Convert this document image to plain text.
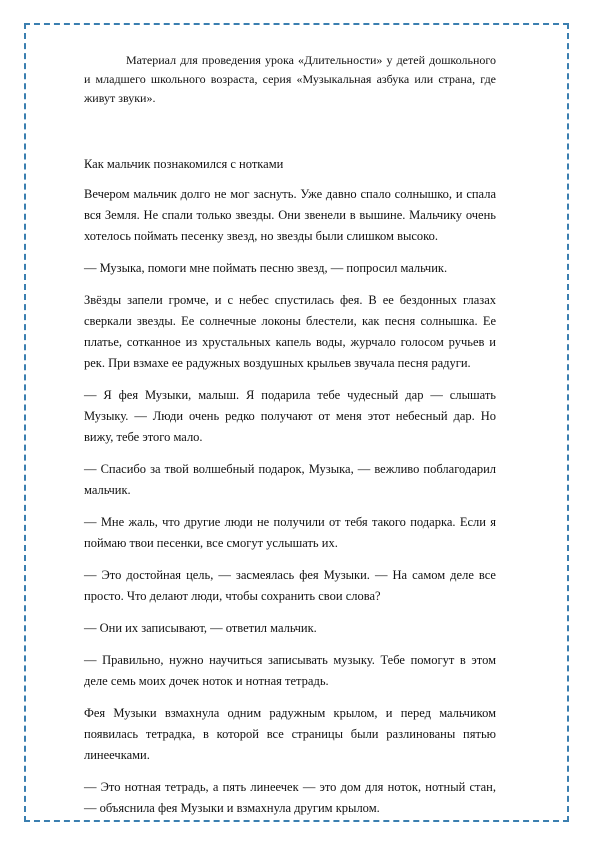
Материал для проведения урока «Длительности» у детей дошкольного и младшего школьного возраста, серия «Музыкальная азбука или страна, где живут звуки».

Как мальчик познакомился с нотками

Вечером мальчик долго не мог заснуть. Уже давно спало солнышко, и спала вся Земля. Не спали только звезды. Они звенели в вышине. Мальчику очень хотелось поймать песенку звезд, но звезды были слишком высоко.

— Музыка, помоги мне поймать песню звезд, — попросил мальчик.

Звёзды запели громче, и с небес спустилась фея. В ее бездонных глазах сверкали звезды. Ее солнечные локоны блестели, как песня солнышка. Ее платье, сотканное из хрустальных капель воды, журчало голосом ручьев и рек. При взмахе ее радужных воздушных крыльев звучала песня радуги.

— Я фея Музыки, малыш. Я подарила тебе чудесный дар — слышать Музыку. — Люди очень редко получают от меня этот небесный дар. Но вижу, тебе этого мало.

— Спасибо за твой волшебный подарок, Музыка, — вежливо поблагодарил мальчик.

— Мне жаль, что другие люди не получили от тебя такого подарка. Если я поймаю твои песенки, все смогут услышать их.

— Это достойная цель, — засмеялась фея Музыки. — На самом деле все просто. Что делают люди, чтобы сохранить свои слова?

— Они их записывают, — ответил мальчик.

— Правильно, нужно научиться записывать музыку. Тебе помогут в этом деле семь моих дочек ноток и нотная тетрадь.

Фея Музыки взмахнула одним радужным крылом, и перед мальчиком появилась тетрадка, в которой все страницы были разлинованы пятью линеечками.

— Это нотная тетрадь, а пять линеечек — это дом для ноток, нотный стан, — объяснила фея Музыки и взмахнула другим крылом.
